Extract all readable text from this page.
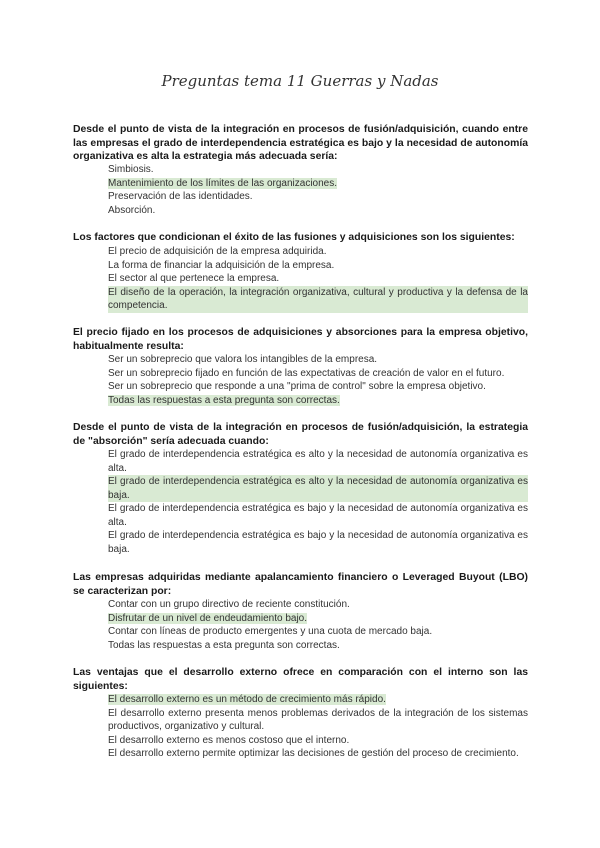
Preguntas tema 11 Guerras y Nadas
Desde el punto de vista de la integración en procesos de fusión/adquisición, cuando entre las empresas el grado de interdependencia estratégica es bajo y la necesidad de autonomía organizativa es alta la estrategia más adecuada sería:
Simbiosis.
Mantenimiento de los límites de las organizaciones.
Preservación de las identidades.
Absorción.
Los factores que condicionan el éxito de las fusiones y adquisiciones son los siguientes:
El precio de adquisición de la empresa adquirida.
La forma de financiar la adquisición de la empresa.
El sector al que pertenece la empresa.
El diseño de la operación, la integración organizativa, cultural y productiva y la defensa de la competencia.
El precio fijado en los procesos de adquisiciones y absorciones para la empresa objetivo, habitualmente resulta:
Ser un sobreprecio que valora los intangibles de la empresa.
Ser un sobreprecio fijado en función de las expectativas de creación de valor en el futuro.
Ser un sobreprecio que responde a una "prima de control" sobre la empresa objetivo.
Todas las respuestas a esta pregunta son correctas.
Desde el punto de vista de la integración en procesos de fusión/adquisición, la estrategia de "absorción" sería adecuada cuando:
El grado de interdependencia estratégica es alto y la necesidad de autonomía organizativa es alta.
El grado de interdependencia estratégica es alto y la necesidad de autonomía organizativa es baja.
El grado de interdependencia estratégica es bajo y la necesidad de autonomía organizativa es alta.
El grado de interdependencia estratégica es bajo y la necesidad de autonomía organizativa es baja.
Las empresas adquiridas mediante apalancamiento financiero o Leveraged Buyout (LBO) se caracterizan por:
Contar con un grupo directivo de reciente constitución.
Disfrutar de un nivel de endeudamiento bajo.
Contar con líneas de producto emergentes y una cuota de mercado baja.
Todas las respuestas a esta pregunta son correctas.
Las ventajas que el desarrollo externo ofrece en comparación con el interno son las siguientes:
El desarrollo externo es un método de crecimiento más rápido.
El desarrollo externo presenta menos problemas derivados de la integración de los sistemas productivos, organizativo y cultural.
El desarrollo externo es menos costoso que el interno.
El desarrollo externo permite optimizar las decisiones de gestión del proceso de crecimiento.
